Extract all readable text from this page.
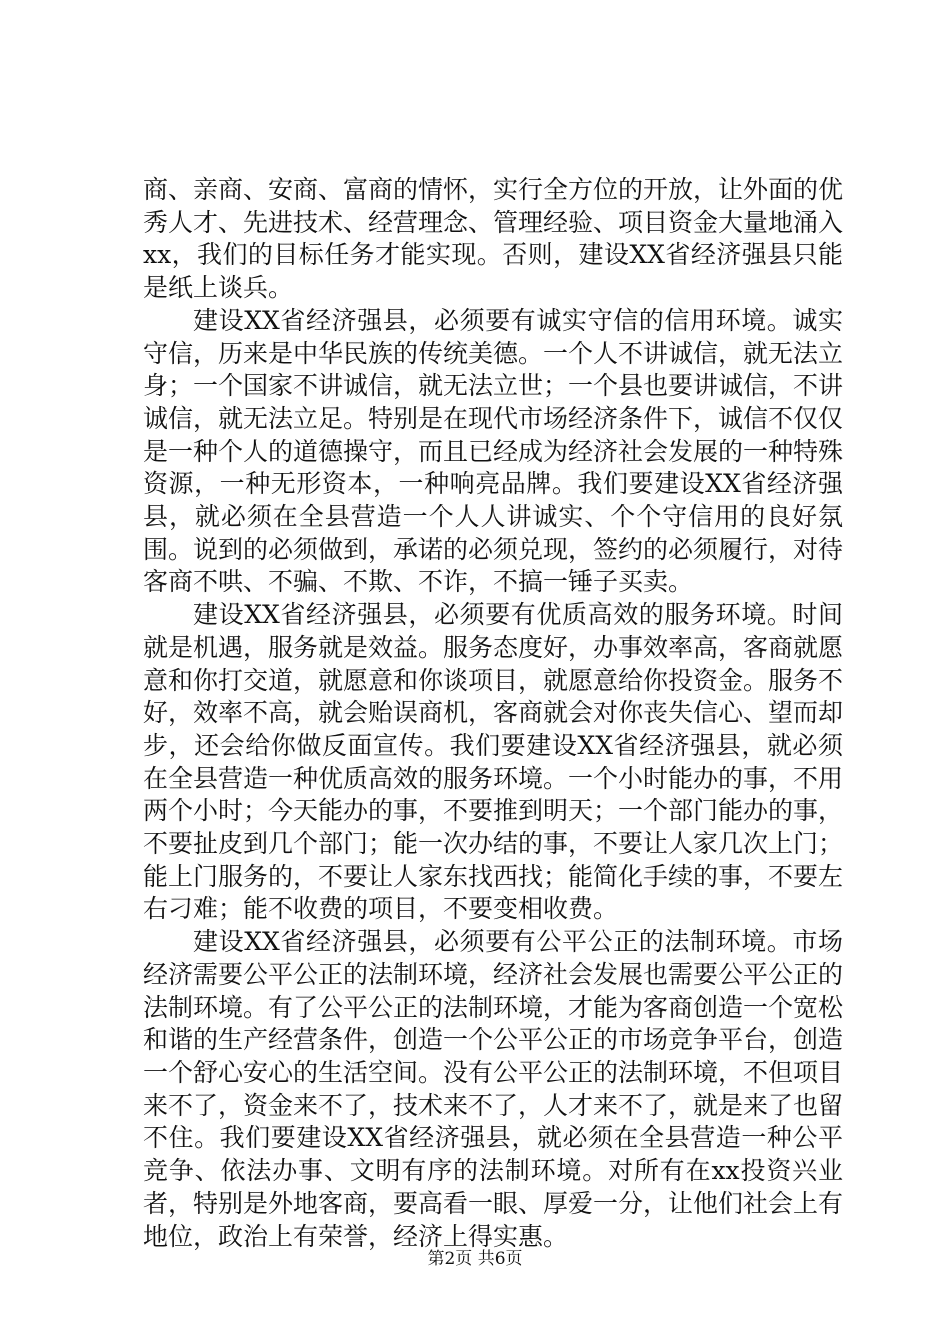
商、亲商、安商、富商的情怀，实行全方位的开放，让外面的优秀人才、先进技术、经营理念、管理经验、项目资金大量地涌入xx，我们的目标任务才能实现。否则，建设XX省经济强县只能是纸上谈兵。

建设XX省经济强县，必须要有诚实守信的信用环境。诚实守信，历来是中华民族的传统美德。一个人不讲诚信，就无法立身；一个国家不讲诚信，就无法立世；一个县也要讲诚信，不讲诚信，就无法立足。特别是在现代市场经济条件下，诚信不仅仅是一种个人的道德操守，而且已经成为经济社会发展的一种特殊资源，一种无形资本，一种响亮品牌。我们要建设XX省经济强县，就必须在全县营造一个人人讲诚实、个个守信用的良好氛围。说到的必须做到，承诺的必须兑现，签约的必须履行，对待客商不哄、不骗、不欺、不诈，不搞一锤子买卖。

建设XX省经济强县，必须要有优质高效的服务环境。时间就是机遇，服务就是效益。服务态度好，办事效率高，客商就愿意和你打交道，就愿意和你谈项目，就愿意给你投资金。服务不好，效率不高，就会贻误商机，客商就会对你丧失信心、望而却步，还会给你做反面宣传。我们要建设XX省经济强县，就必须在全县营造一种优质高效的服务环境。一个小时能办的事，不用两个小时；今天能办的事，不要推到明天；一个部门能办的事，不要扯皮到几个部门；能一次办结的事，不要让人家几次上门；能上门服务的，不要让人家东找西找；能简化手续的事，不要左右刁难；能不收费的项目，不要变相收费。

建设XX省经济强县，必须要有公平公正的法制环境。市场经济需要公平公正的法制环境，经济社会发展也需要公平公正的法制环境。有了公平公正的法制环境，才能为客商创造一个宽松和谐的生产经营条件，创造一个公平公正的市场竞争平台，创造一个舒心安心的生活空间。没有公平公正的法制环境，不但项目来不了，资金来不了，技术来不了，人才来不了，就是来了也留不住。我们要建设XX省经济强县，就必须在全县营造一种公平竞争、依法办事、文明有序的法制环境。对所有在xx投资兴业者，特别是外地客商，要高看一眼、厚爱一分，让他们社会上有地位，政治上有荣誉，经济上得实惠。

第2页 共6页
